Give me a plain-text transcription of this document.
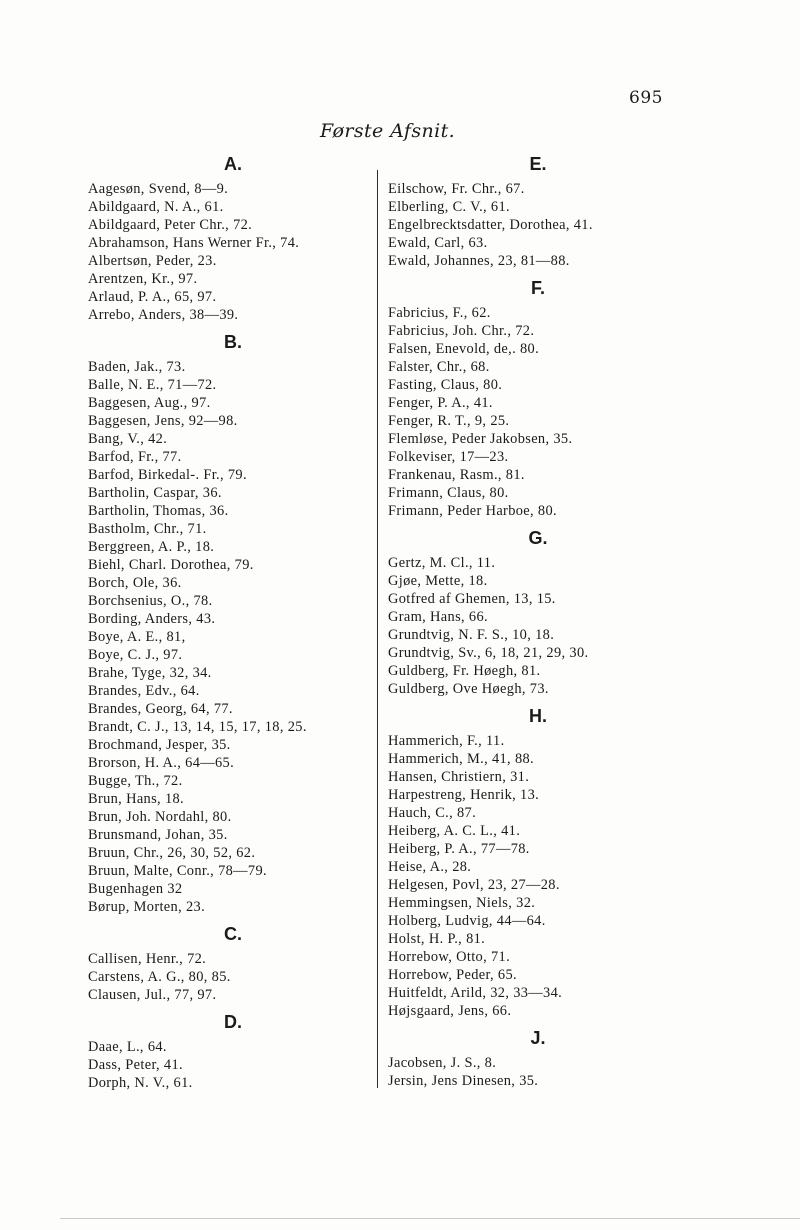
695
Første Afsnit.
A.
Aagesøn, Svend, 8—9.
Abildgaard, N. A., 61.
Abildgaard, Peter Chr., 72.
Abrahamson, Hans Werner Fr., 74.
Albertsøn, Peder, 23.
Arentzen, Kr., 97.
Arlaud, P. A., 65, 97.
Arrebo, Anders, 38—39.
B.
Baden, Jak., 73.
Balle, N. E., 71—72.
Baggesen, Aug., 97.
Baggesen, Jens, 92—98.
Bang, V., 42.
Barfod, Fr., 77.
Barfod, Birkedal-. Fr., 79.
Bartholin, Caspar, 36.
Bartholin, Thomas, 36.
Bastholm, Chr., 71.
Berggreen, A. P., 18.
Biehl, Charl. Dorothea, 79.
Borch, Ole, 36.
Borchsenius, O., 78.
Bording, Anders, 43.
Boye, A. E., 81,
Boye, C. J., 97.
Brahe, Tyge, 32, 34.
Brandes, Edv., 64.
Brandes, Georg, 64, 77.
Brandt, C. J., 13, 14, 15, 17, 18, 25.
Brochmand, Jesper, 35.
Brorson, H. A., 64—65.
Bugge, Th., 72.
Brun, Hans, 18.
Brun, Joh. Nordahl, 80.
Brunsmand, Johan, 35.
Bruun, Chr., 26, 30, 52, 62.
Bruun, Malte, Conr., 78—79.
Bugenhagen 32
Børup, Morten, 23.
C.
Callisen, Henr., 72.
Carstens, A. G., 80, 85.
Clausen, Jul., 77, 97.
D.
Daae, L., 64.
Dass, Peter, 41.
Dorph, N. V., 61.
E.
Eilschow, Fr. Chr., 67.
Elberling, C. V., 61.
Engelbrecktsdatter, Dorothea, 41.
Ewald, Carl, 63.
Ewald, Johannes, 23, 81—88.
F.
Fabricius, F., 62.
Fabricius, Joh. Chr., 72.
Falsen, Enevold, de,. 80.
Falster, Chr., 68.
Fasting, Claus, 80.
Fenger, P. A., 41.
Fenger, R. T., 9, 25.
Flemløse, Peder Jakobsen, 35.
Folkeviser, 17—23.
Frankenau, Rasm., 81.
Frimann, Claus, 80.
Frimann, Peder Harboe, 80.
G.
Gertz, M. Cl., 11.
Gjøe, Mette, 18.
Gotfred af Ghemen, 13, 15.
Gram, Hans, 66.
Grundtvig, N. F. S., 10, 18.
Grundtvig, Sv., 6, 18, 21, 29, 30.
Guldberg, Fr. Høegh, 81.
Guldberg, Ove Høegh, 73.
H.
Hammerich, F., 11.
Hammerich, M., 41, 88.
Hansen, Christiern, 31.
Harpestreng, Henrik, 13.
Hauch, C., 87.
Heiberg, A. C. L., 41.
Heiberg, P. A., 77—78.
Heise, A., 28.
Helgesen, Povl, 23, 27—28.
Hemmingsen, Niels, 32.
Holberg, Ludvig, 44—64.
Holst, H. P., 81.
Horrebow, Otto, 71.
Horrebow, Peder, 65.
Huitfeldt, Arild, 32, 33—34.
Højsgaard, Jens, 66.
J.
Jacobsen, J. S., 8.
Jersin, Jens Dinesen, 35.
